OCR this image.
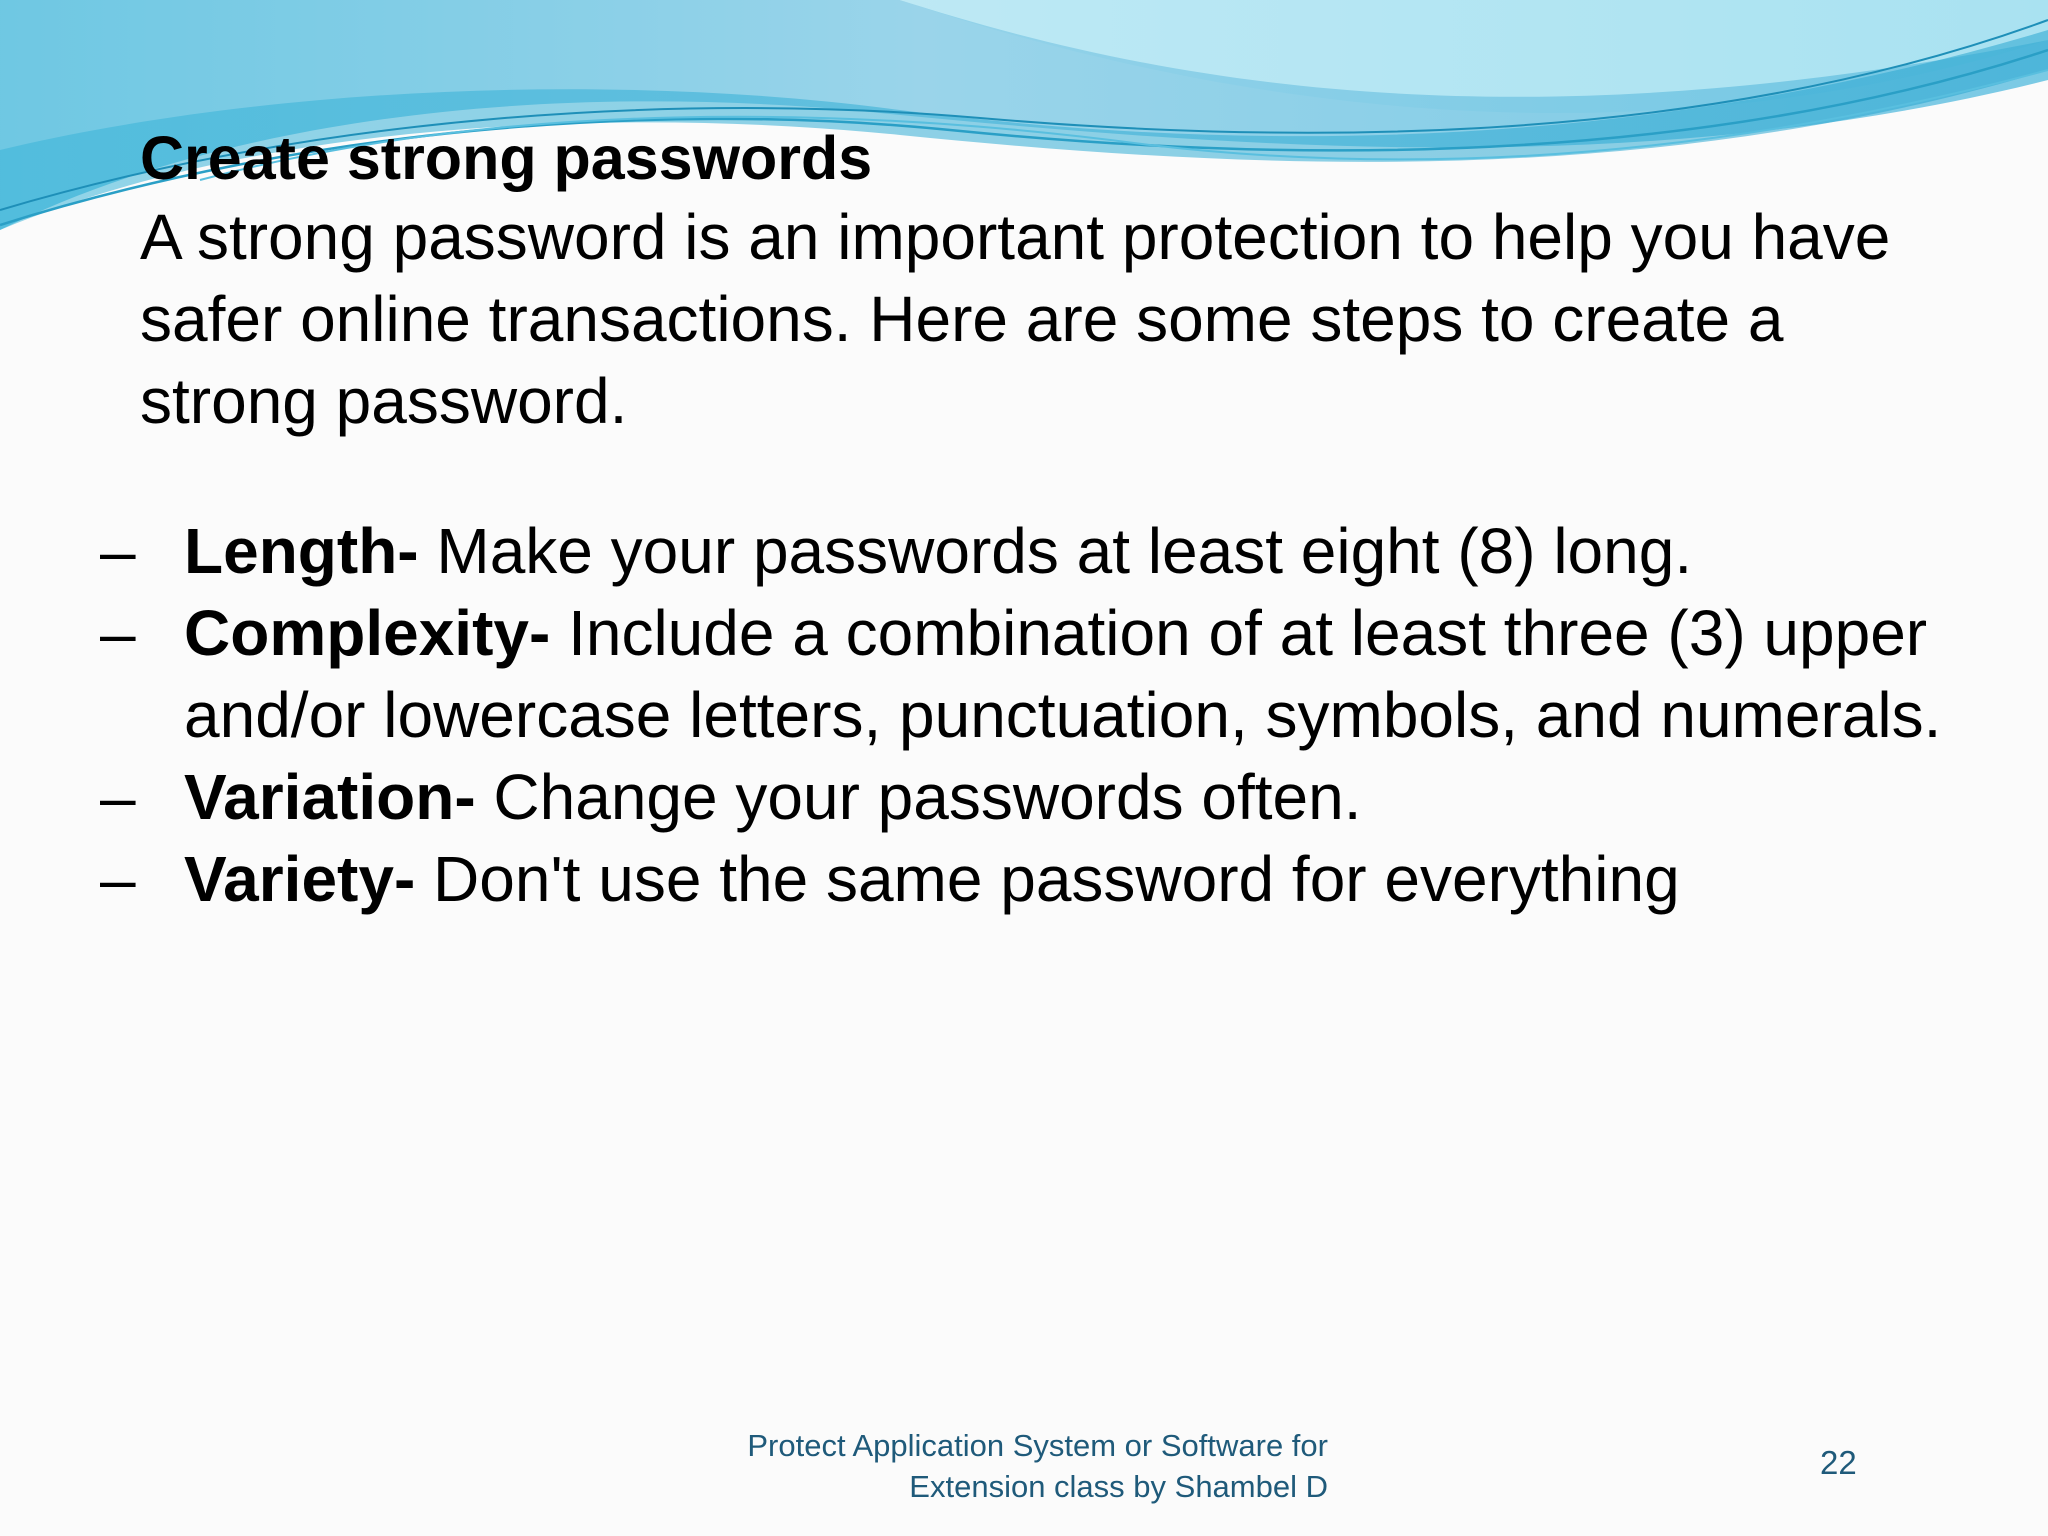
Create strong passwords
A strong password is an important protection to help you have safer online transactions. Here are some steps to create a strong password.
– Length- Make your passwords at least eight (8) long.
– Complexity- Include a combination of at least three (3) upper and/or lowercase letters, punctuation, symbols, and numerals.
– Variation- Change your passwords often.
– Variety- Don't use the same password for everything
Protect Application System or Software for
Extension class by Shambel D
22
